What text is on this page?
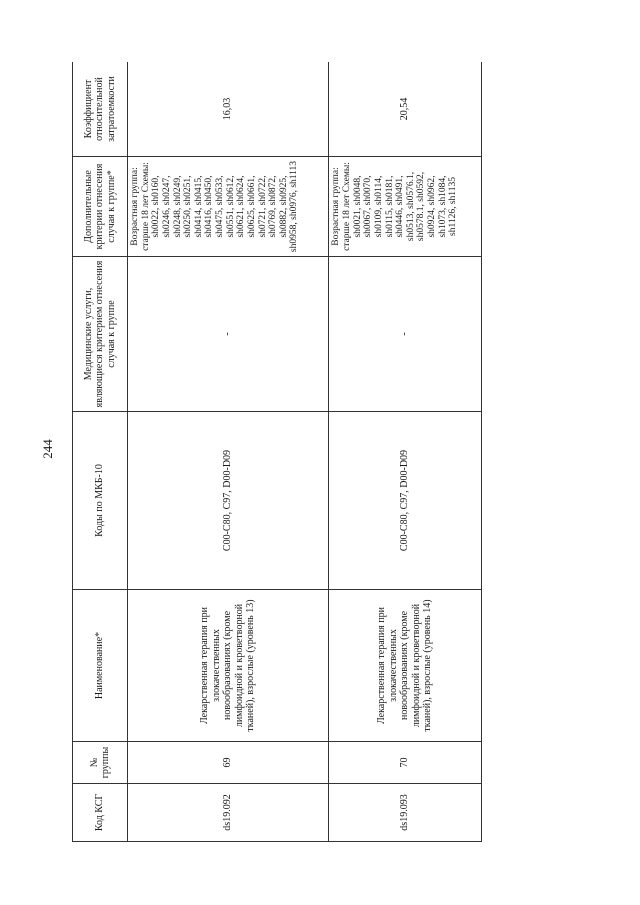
244
Код КСГ	№ группы	Наименование*	Коды по МКБ-10	Медицинские услуги, являющиеся критерием отнесения случая к группе	Дополнительные критерии отнесения случая к группе*	Коэффициент относительной затратоемкости
ds19.092	69	Лекарственная терапия при злокачественных новообразованиях (кроме лимфоидной и кроветворной тканей), взрослые (уровень 13)	C00-C80, C97, D00-D09	-	Возрастная группа: старше 18 лет Схемы: sh0022, sh0160, sh0246, sh0247, sh0248, sh0249, sh0250, sh0251, sh0414, sh0415, sh0416, sh0450, sh0475, sh0533, sh0551, sh0612, sh0621, sh0624, sh0625, sh0661, sh0721, sh0722, sh0769, sh0872, sh0882, sh0925, sh0958, sh0976, sh1113	16,03
ds19.093	70	Лекарственная терапия при злокачественных новообразованиях (кроме лимфоидной и кроветворной тканей), взрослые (уровень 14)	C00-C80, C97, D00-D09	-	Возрастная группа: старше 18 лет Схемы: sh0021, sh0048, sh0067, sh0070, sh0109, sh0114, sh0115, sh0181, sh0446, sh0491, sh0513, sh0576.1, sh0578.1, sh0592, sh0924, sh0962, sh1073, sh1084, sh1126, sh1135	20,54
